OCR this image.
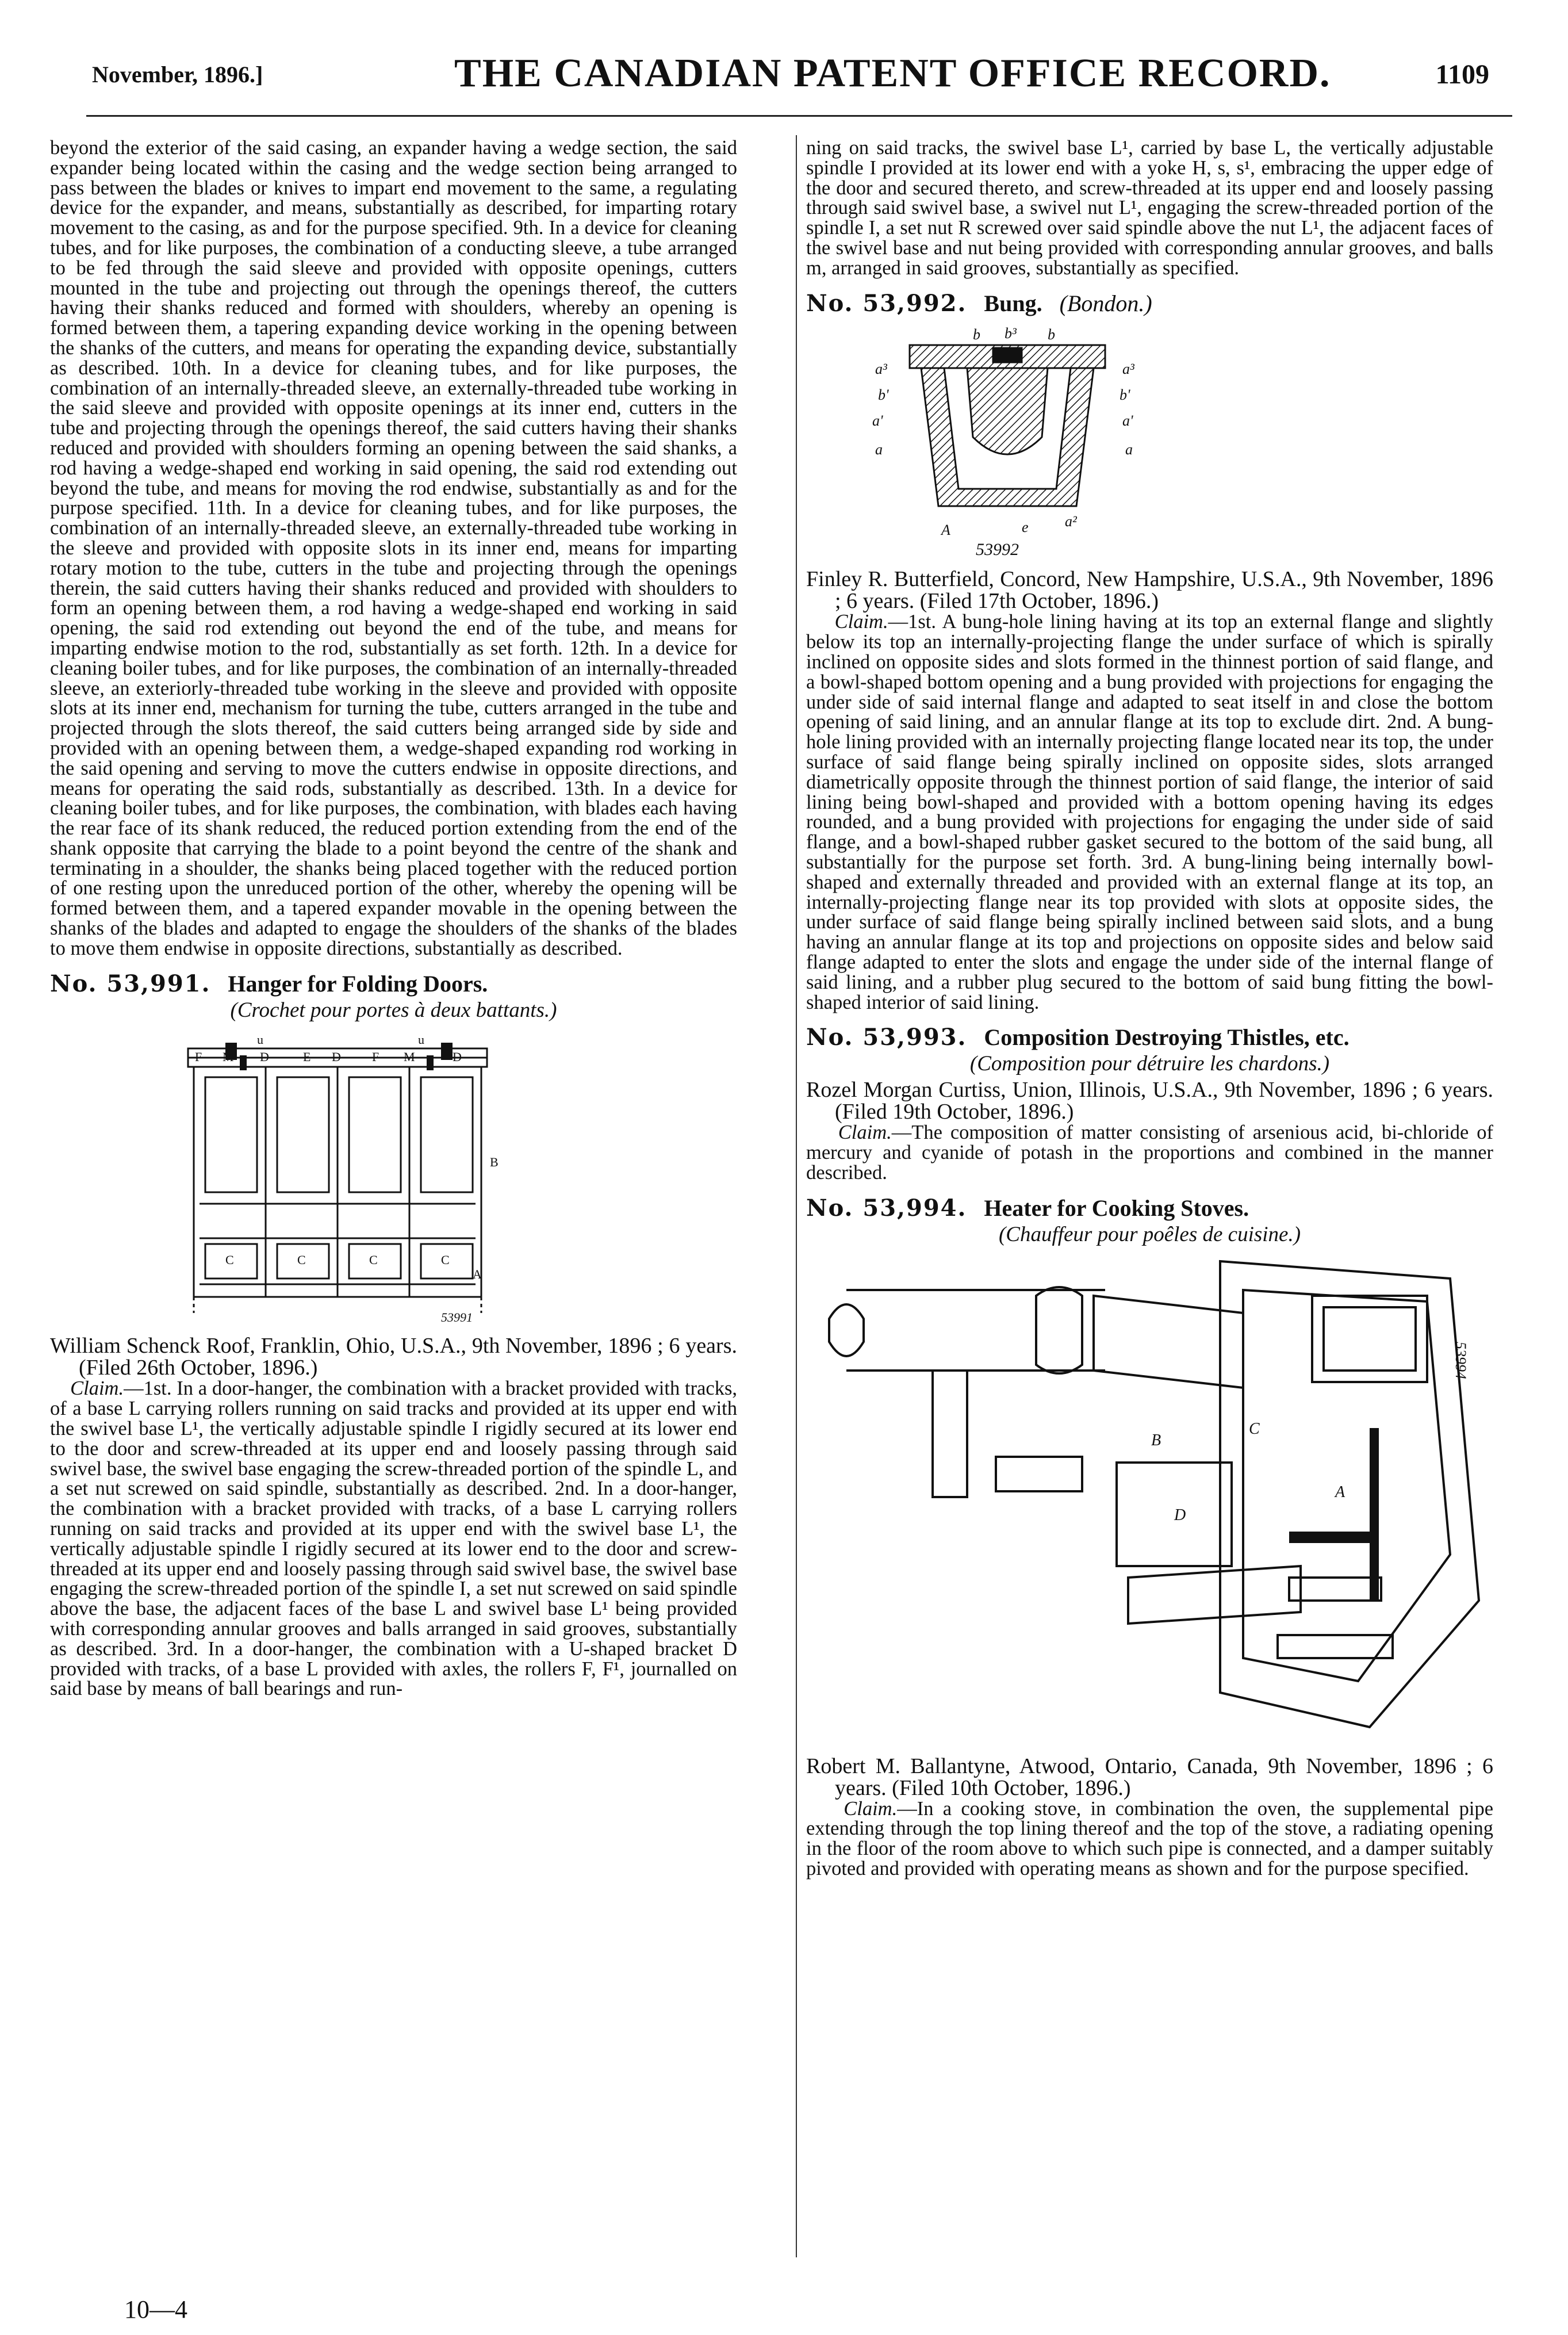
November, 1896.]	THE CANADIAN PATENT OFFICE RECORD.	1109

beyond the exterior of the said casing, an expander having a wedge section, the said expander being located within the casing and the wedge section being arranged to pass between the blades or knives to impart end movement to the same, a regulating device for the expander, and means, substantially as described, for imparting rotary movement to the casing, as and for the purpose specified. 9th. In a device for cleaning tubes, and for like purposes, the combination of a conducting sleeve, a tube arranged to be fed through the said sleeve and provided with opposite openings, cutters mounted in the tube and projecting out through the openings thereof, the cutters having their shanks reduced and formed with shoulders, whereby an opening is formed between them, a tapering expanding device working in the opening between the shanks of the cutters, and means for operating the expanding device, substantially as described. 10th. In a device for cleaning tubes, and for like purposes, the combination of an internally-threaded sleeve, an externally-threaded tube working in the said sleeve and provided with opposite openings at its inner end, cutters in the tube and projecting through the openings thereof, the said cutters having their shanks reduced and provided with shoulders forming an opening between the said shanks, a rod having a wedge-shaped end working in said opening, the said rod extending out beyond the tube, and means for moving the rod endwise, substantially as and for the purpose specified. 11th. In a device for cleaning tubes, and for like purposes, the combination of an internally-threaded sleeve, an externally-threaded tube working in the sleeve and provided with opposite slots in its inner end, means for imparting rotary motion to the tube, cutters in the tube and projecting through the openings therein, the said cutters having their shanks reduced and provided with shoulders to form an opening between them, a rod having a wedge-shaped end working in said opening, the said rod extending out beyond the end of the tube, and means for imparting endwise motion to the rod, substantially as set forth. 12th. In a device for cleaning boiler tubes, and for like purposes, the combination of an internally-threaded sleeve, an exteriorly-threaded tube working in the sleeve and provided with opposite slots at its inner end, mechanism for turning the tube, cutters arranged in the tube and projected through the slots thereof, the said cutters being arranged side by side and provided with an opening between them, a wedge-shaped expanding rod working in the said opening and serving to move the cutters endwise in opposite directions, and means for operating the said rods, substantially as described. 13th. In a device for cleaning boiler tubes, and for like purposes, the combination, with blades each having the rear face of its shank reduced, the reduced portion extending from the end of the shank opposite that carrying the blade to a point beyond the centre of the shank and terminating in a shoulder, the shanks being placed together with the reduced portion of one resting upon the unreduced portion of the other, whereby the opening will be formed between them, and a tapered expander movable in the opening between the shanks of the blades and adapted to engage the shoulders of the shanks of the blades to move them endwise in opposite directions, substantially as described.

No. 53,991. Hanger for Folding Doors.
(Crochet pour portes à deux battants.)
F M D	E D F M	D
u	u
B
C	C	C	C
A
53991

William Schenck Roof, Franklin, Ohio, U.S.A., 9th November, 1896 ; 6 years. (Filed 26th October, 1896.)

Claim.—1st. In a door-hanger, the combination with a bracket provided with tracks, of a base L carrying rollers running on said tracks and provided at its upper end with the swivel base L¹, the vertically adjustable spindle I rigidly secured at its lower end to the door and screw-threaded at its upper end and loosely passing through said swivel base, the swivel base engaging the screw-threaded portion of the spindle L, and a set nut screwed on said spindle, substantially as described. 2nd. In a door-hanger, the combination with a bracket provided with tracks, of a base L carrying rollers running on said tracks and provided at its upper end with the swivel base L¹, the vertically adjustable spindle I rigidly secured at its lower end to the door and screw-threaded at its upper end and loosely passing through said swivel base, the swivel base engaging the screw-threaded portion of the spindle I, a set nut screwed on said spindle above the base, the adjacent faces of the base L and swivel base L¹ being provided with corresponding annular grooves and balls arranged in said grooves, substantially as described. 3rd. In a door-hanger, the combination with a U-shaped bracket D provided with tracks, of a base L provided with axles, the rollers F, F¹, journalled on said base by means of ball bearings and run-

ning on said tracks, the swivel base L¹, carried by base L, the vertically adjustable spindle I provided at its lower end with a yoke H, s, s¹, embracing the upper edge of the door and secured thereto, and screw-threaded at its upper end and loosely passing through said swivel base, a swivel nut L¹, engaging the screw-threaded portion of the spindle I, a set nut R screwed over said spindle above the nut L¹, the adjacent faces of the swivel base and nut being provided with corresponding annular grooves, and balls m, arranged in said grooves, substantially as specified.

No. 53,992. Bung. (Bondon.)
b b³ b
a³	a³
b'	b'
a'	a'
a	a
A	e a²
53992

Finley R. Butterfield, Concord, New Hampshire, U.S.A., 9th November, 1896 ; 6 years. (Filed 17th October, 1896.)

Claim.—1st. A bung-hole lining having at its top an external flange and slightly below its top an internally-projecting flange the under surface of which is spirally inclined on opposite sides and slots formed in the thinnest portion of said flange, and a bowl-shaped bottom opening and a bung provided with projections for engaging the under side of said internal flange and adapted to seat itself in and close the bottom opening of said lining, and an annular flange at its top to exclude dirt. 2nd. A bung-hole lining provided with an internally projecting flange located near its top, the under surface of said flange being spirally inclined on opposite sides, slots arranged diametrically opposite through the thinnest portion of said flange, the interior of said lining being bowl-shaped and provided with a bottom opening having its edges rounded, and a bung provided with projections for engaging the under side of said flange, and a bowl-shaped rubber gasket secured to the bottom of the said bung, all substantially for the purpose set forth. 3rd. A bung-lining being internally bowl-shaped and externally threaded and provided with an external flange at its top, an internally-projecting flange near its top provided with slots at opposite sides, the under surface of said flange being spirally inclined between said slots, and a bung having an annular flange at its top and projections on opposite sides and below said flange adapted to enter the slots and engage the under side of the internal flange of said lining, and a rubber plug secured to the bottom of said bung fitting the bowl-shaped interior of said lining.

No. 53,993. Composition Destroying Thistles, etc.
(Composition pour détruire les chardons.)

Rozel Morgan Curtiss, Union, Illinois, U.S.A., 9th November, 1896 ; 6 years. (Filed 19th October, 1896.)

Claim.—The composition of matter consisting of arsenious acid, bi-chloride of mercury and cyanide of potash in the proportions and combined in the manner described.

No. 53,994. Heater for Cooking Stoves.
(Chauffeur pour poêles de cuisine.)
B
C
A
D
53994

Robert M. Ballantyne, Atwood, Ontario, Canada, 9th November, 1896 ; 6 years. (Filed 10th October, 1896.)

Claim.—In a cooking stove, in combination the oven, the supplemental pipe extending through the top lining thereof and the top of the stove, a radiating opening in the floor of the room above to which such pipe is connected, and a damper suitably pivoted and provided with operating means as shown and for the purpose specified.

10—4
